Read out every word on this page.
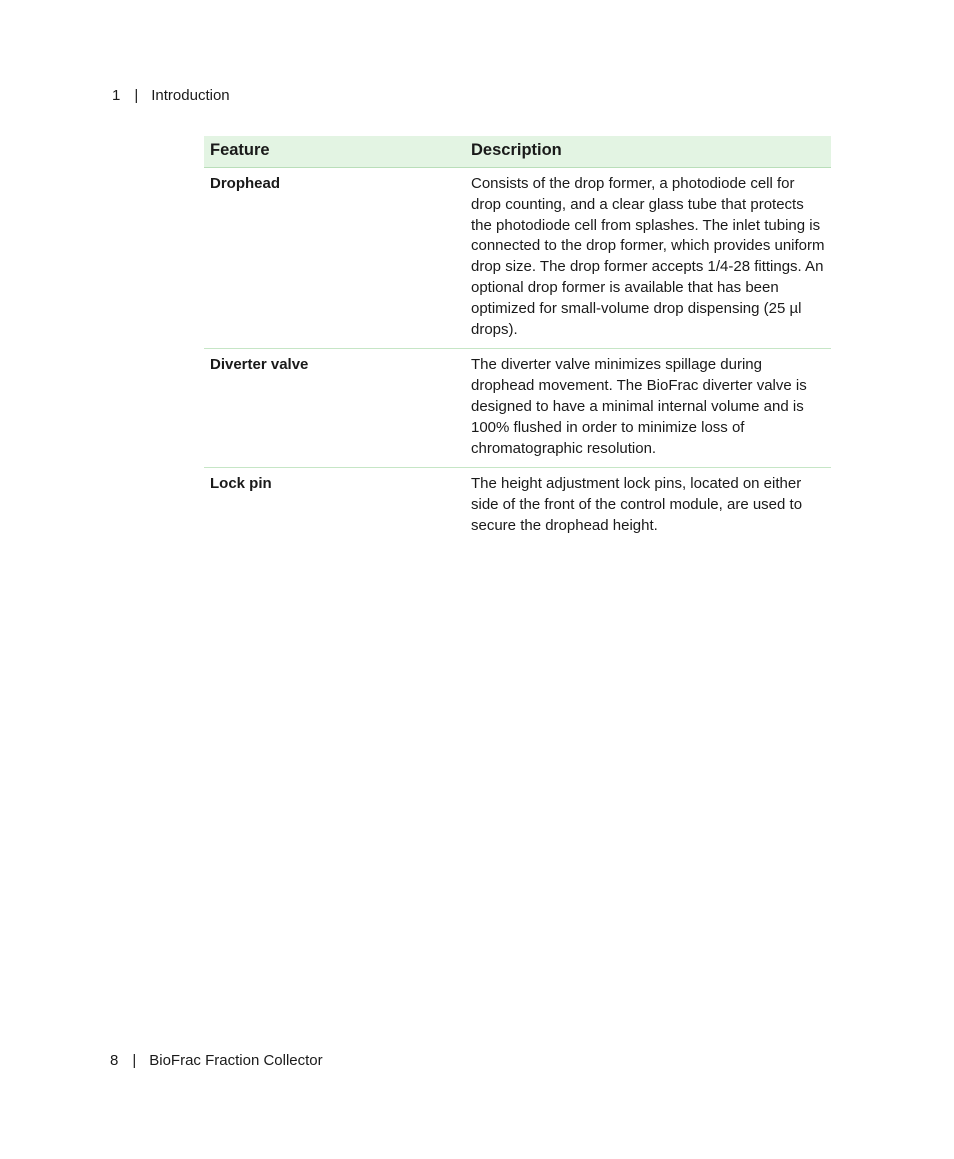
1 | Introduction
Feature	Description
Drophead	Consists of the drop former, a photodiode cell for drop counting, and a clear glass tube that protects the photodiode cell from splashes. The inlet tubing is connected to the drop former, which provides uniform drop size. The drop former accepts 1/4-28 fittings. An optional drop former is available that has been optimized for small-volume drop dispensing (25 µl drops).
Diverter valve	The diverter valve minimizes spillage during drophead movement. The BioFrac diverter valve is designed to have a minimal internal volume and is 100% flushed in order to minimize loss of chromatographic resolution.
Lock pin	The height adjustment lock pins, located on either side of the front of the control module, are used to secure the drophead height.
8 | BioFrac Fraction Collector
